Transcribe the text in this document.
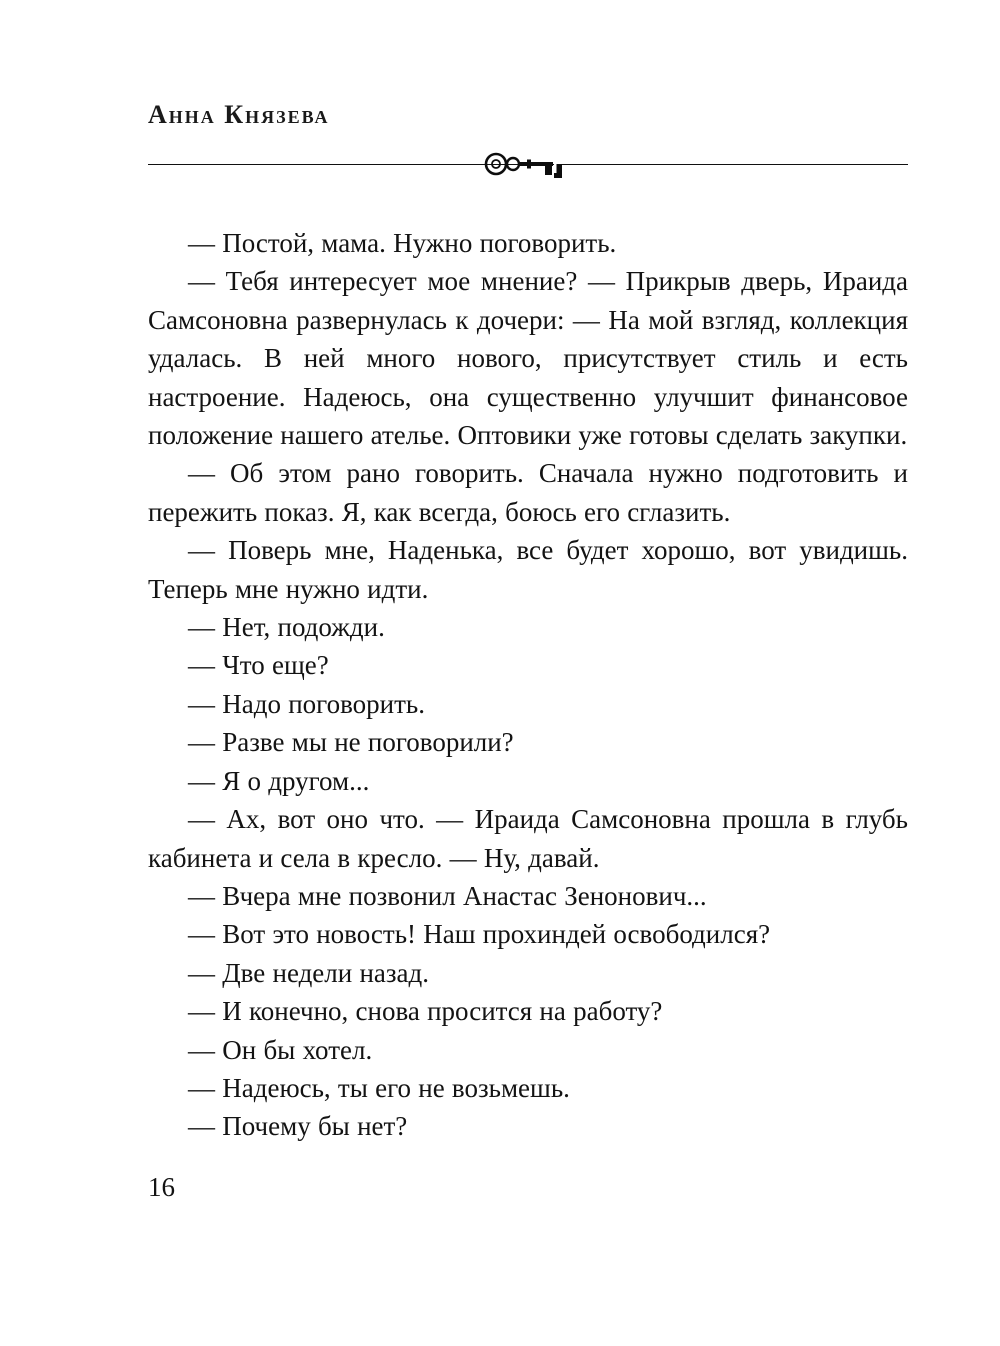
Анна Князева

— Постой, мама. Нужно поговорить.

— Тебя интересует мое мнение? — Прикрыв дверь, Ираида Самсоновна развернулась к дочери: — На мой взгляд, коллекция удалась. В ней много нового, присутствует стиль и есть настроение. Надеюсь, она существенно улучшит финансовое положение нашего ателье. Оптовики уже готовы сделать закупки.

— Об этом рано говорить. Сначала нужно подготовить и пережить показ. Я, как всегда, боюсь его сглазить.

— Поверь мне, Наденька, все будет хорошо, вот увидишь. Теперь мне нужно идти.

— Нет, подожди.

— Что еще?

— Надо поговорить.

— Разве мы не поговорили?

— Я о другом...

— Ах, вот оно что. — Ираида Самсоновна прошла в глубь кабинета и села в кресло. — Ну, давай.

— Вчера мне позвонил Анастас Зенонович...

— Вот это новость! Наш прохиндей освободился?

— Две недели назад.

— И конечно, снова просится на работу?

— Он бы хотел.

— Надеюсь, ты его не возьмешь.

— Почему бы нет?

16
